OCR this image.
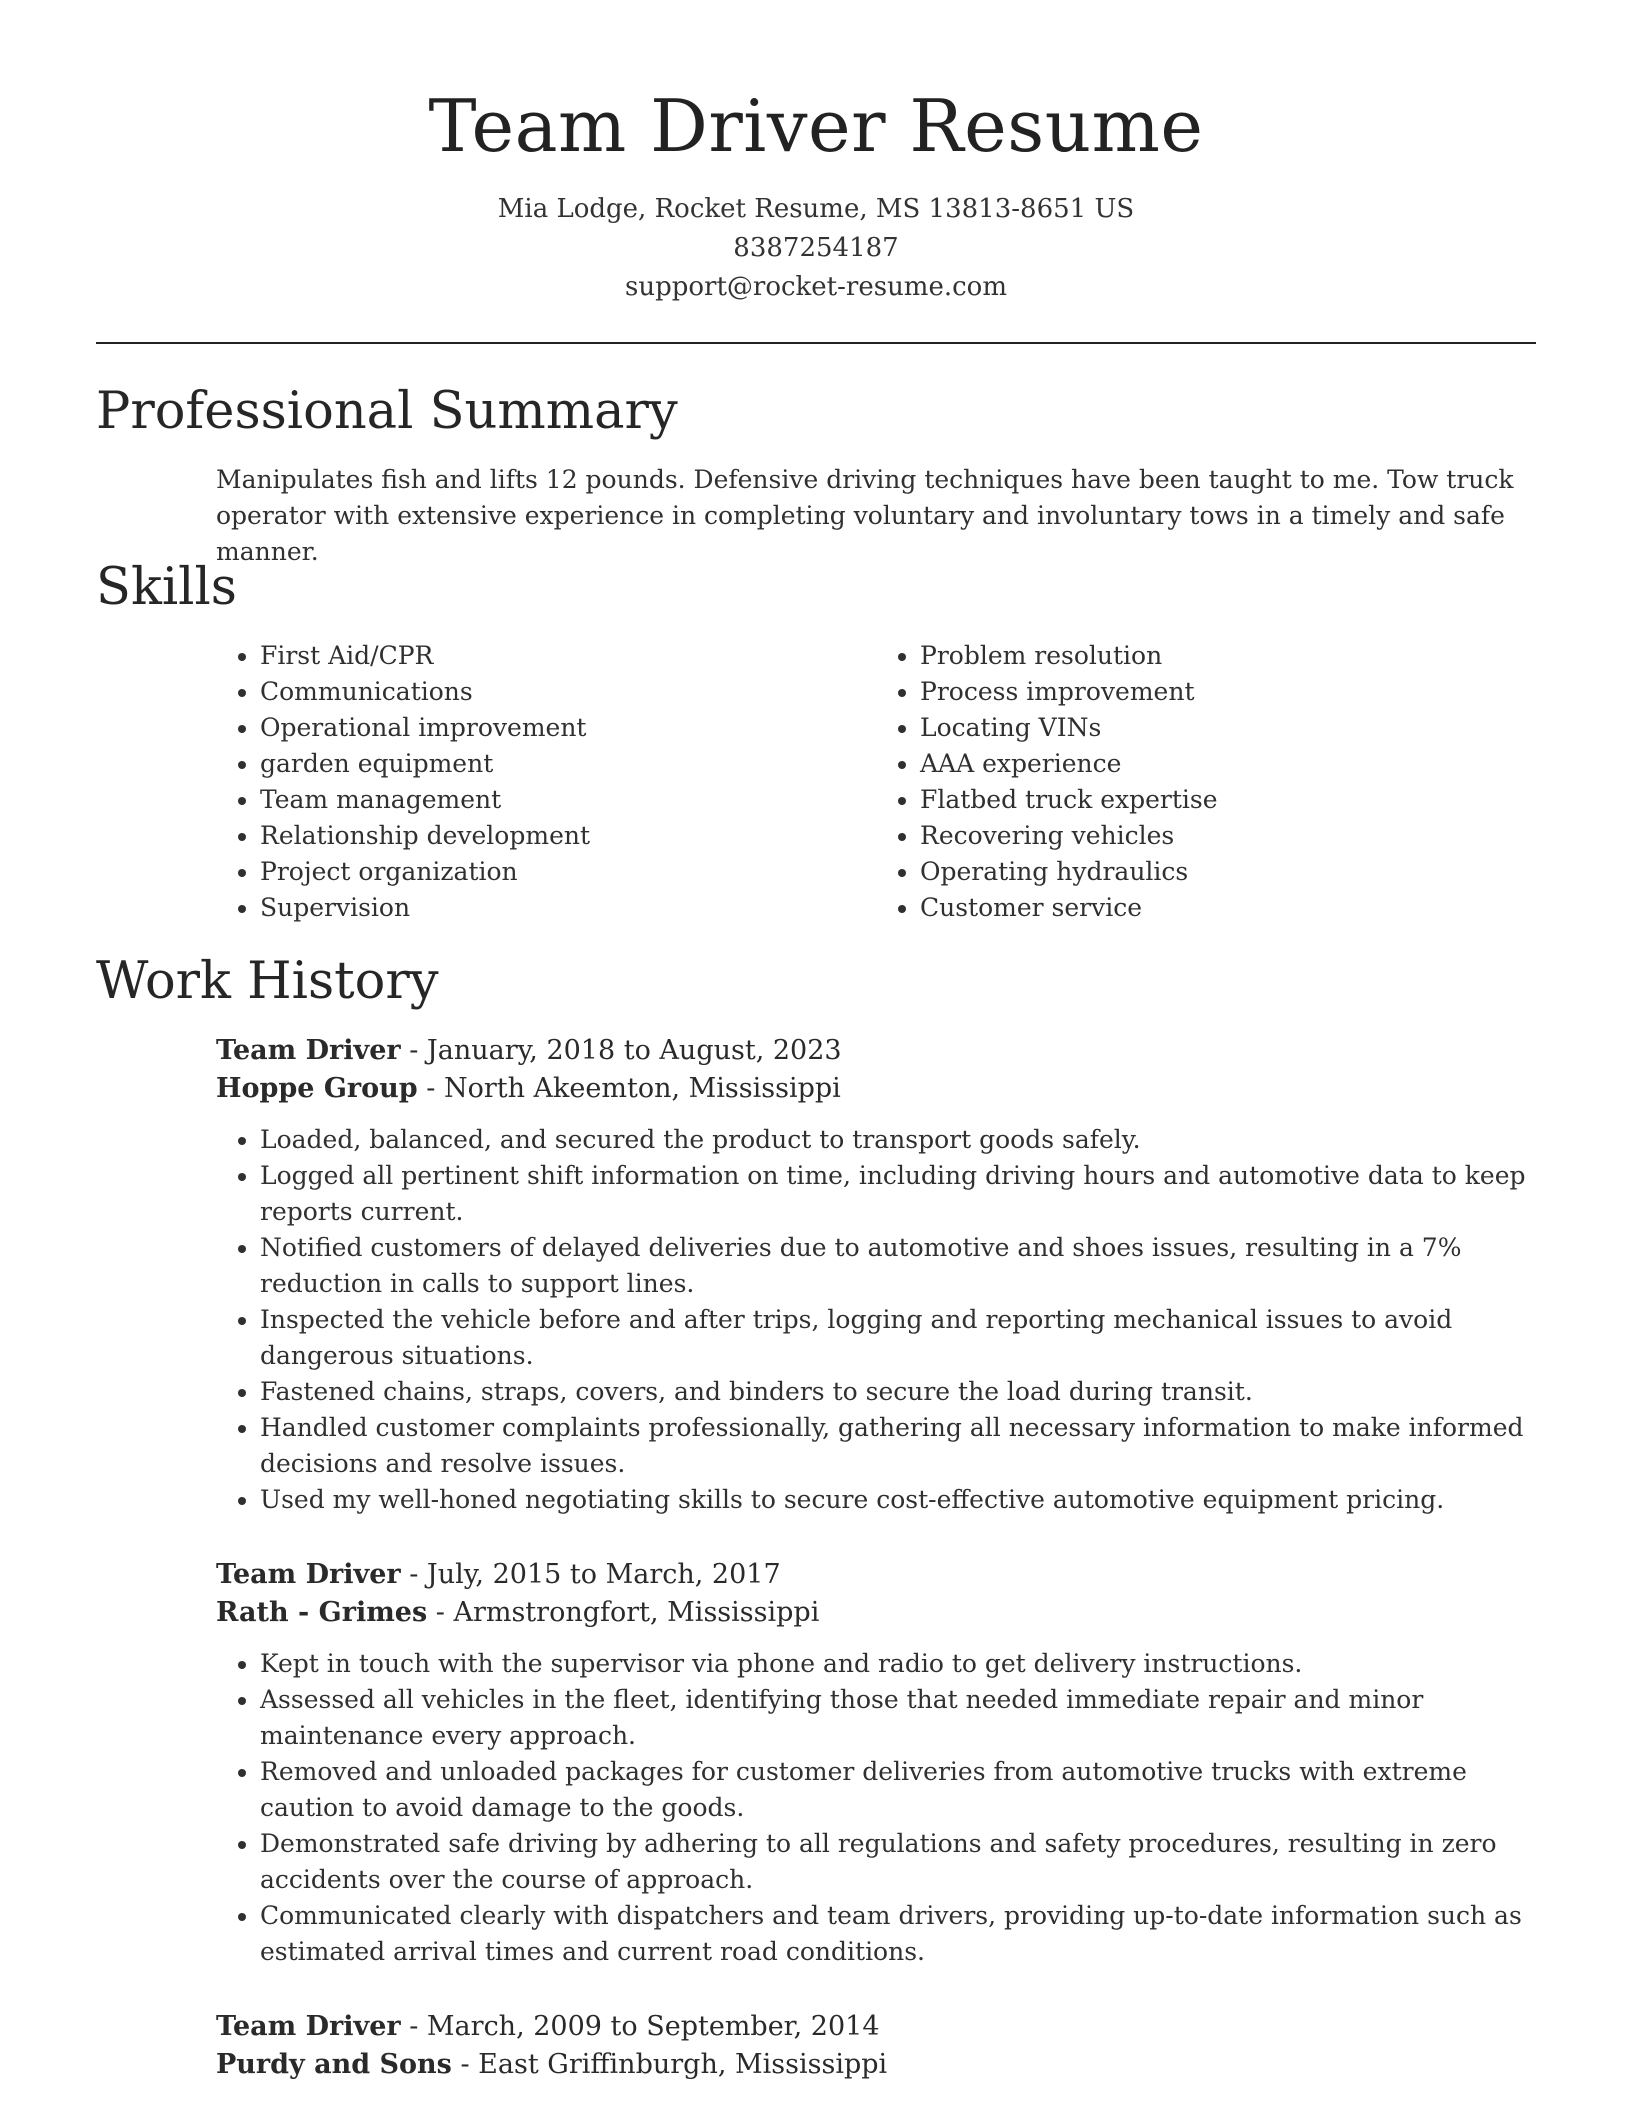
Team Driver Resume
Mia Lodge, Rocket Resume, MS 13813-8651 US
8387254187
support@rocket-resume.com
Professional Summary
Manipulates fish and lifts 12 pounds. Defensive driving techniques have been taught to me. Tow truck operator with extensive experience in completing voluntary and involuntary tows in a timely and safe manner.
Skills
• First Aid/CPR
• Communications
• Operational improvement
• garden equipment
• Team management
• Relationship development
• Project organization
• Supervision
• Problem resolution
• Process improvement
• Locating VINs
• AAA experience
• Flatbed truck expertise
• Recovering vehicles
• Operating hydraulics
• Customer service
Work History
Team Driver - January, 2018 to August, 2023
Hoppe Group - North Akeemton, Mississippi
• Loaded, balanced, and secured the product to transport goods safely.
• Logged all pertinent shift information on time, including driving hours and automotive data to keep reports current.
• Notified customers of delayed deliveries due to automotive and shoes issues, resulting in a 7% reduction in calls to support lines.
• Inspected the vehicle before and after trips, logging and reporting mechanical issues to avoid dangerous situations.
• Fastened chains, straps, covers, and binders to secure the load during transit.
• Handled customer complaints professionally, gathering all necessary information to make informed decisions and resolve issues.
• Used my well-honed negotiating skills to secure cost-effective automotive equipment pricing.
Team Driver - July, 2015 to March, 2017
Rath - Grimes - Armstrongfort, Mississippi
• Kept in touch with the supervisor via phone and radio to get delivery instructions.
• Assessed all vehicles in the fleet, identifying those that needed immediate repair and minor maintenance every approach.
• Removed and unloaded packages for customer deliveries from automotive trucks with extreme caution to avoid damage to the goods.
• Demonstrated safe driving by adhering to all regulations and safety procedures, resulting in zero accidents over the course of approach.
• Communicated clearly with dispatchers and team drivers, providing up-to-date information such as estimated arrival times and current road conditions.
Team Driver - March, 2009 to September, 2014
Purdy and Sons - East Griffinburgh, Mississippi
